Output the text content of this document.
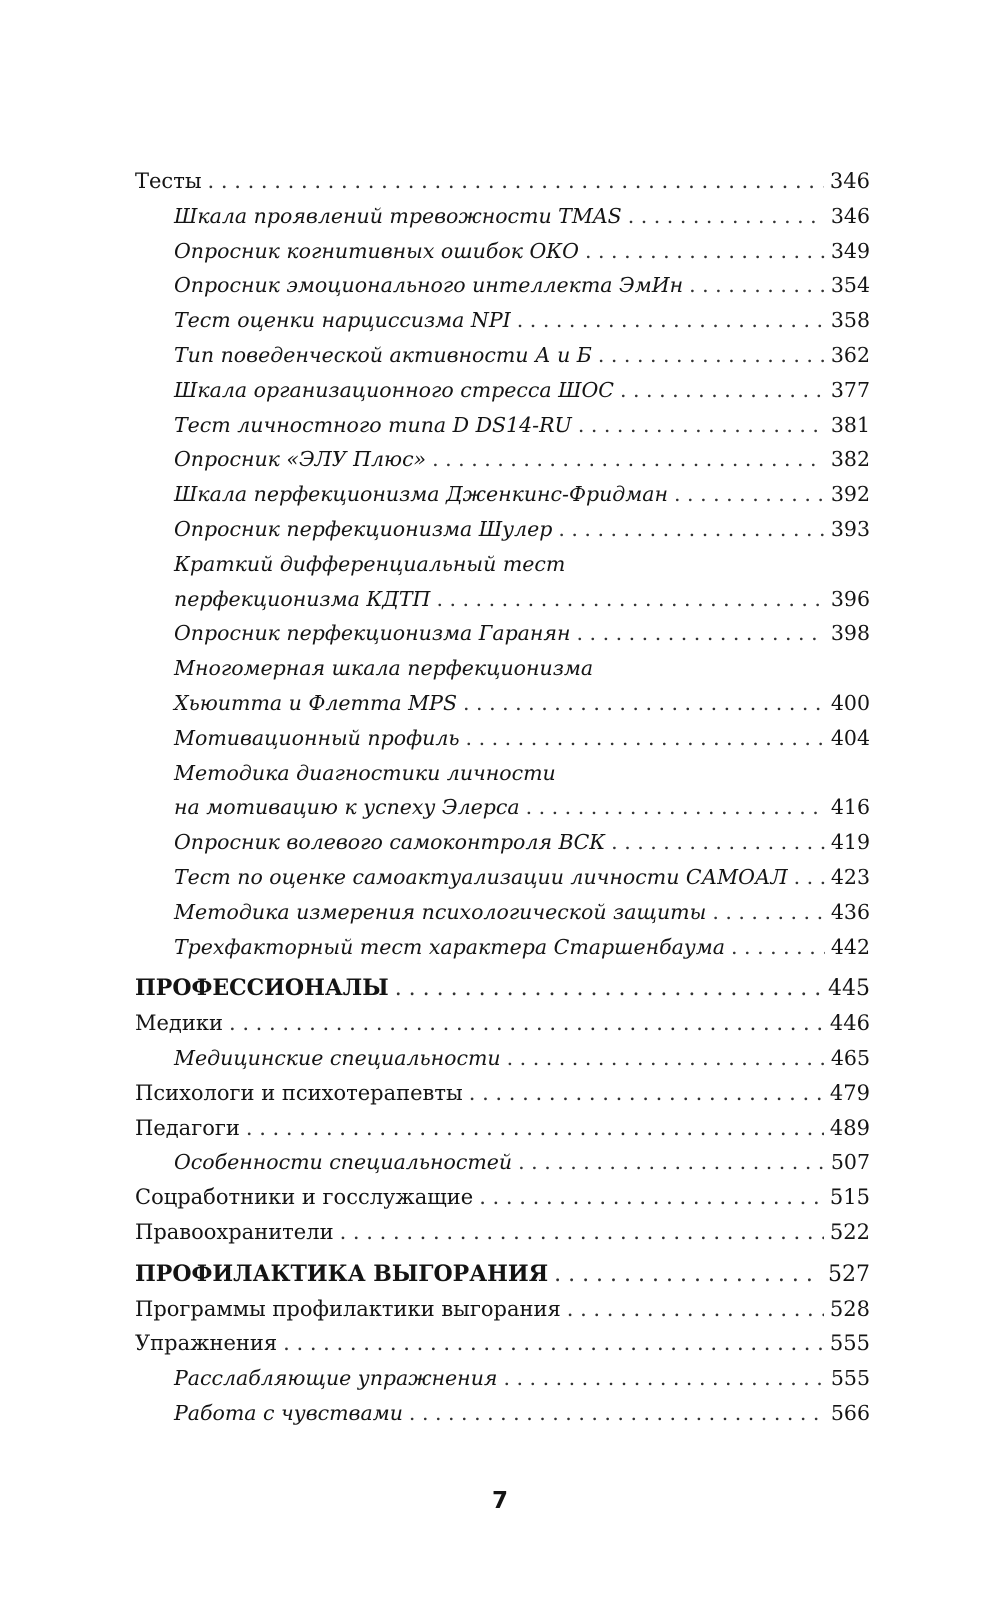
Тесты . . .	346
Шкала проявлений тревожности TMAS . . .	346
Опросник когнитивных ошибок ОКО . . .	349
Опросник эмоционального интеллекта ЭмИн . . .	354
Тест оценки нарциссизма NPI . . .	358
Тип поведенческой активности А и Б . . .	362
Шкала организационного стресса ШОС . . .	377
Тест личностного типа D DS14-RU . . .	381
Опросник «ЭЛУ Плюс» . . .	382
Шкала перфекционизма Дженкинс-Фридман . . .	392
Опросник перфекционизма Шулер . . .	393
Краткий дифференциальный тест
перфекционизма КДТП . . .	396
Опросник перфекционизма Гаранян . . .	398
Многомерная шкала перфекционизма
Хьюитта и Флетта MPS . . .	400
Мотивационный профиль . . .	404
Методика диагностики личности
на мотивацию к успеху Элерса . . .	416
Опросник волевого самоконтроля ВСК . . .	419
Тест по оценке самоактуализации личности САМОАЛ . . . 423
Методика измерения психологической защиты . . .	436
Трехфакторный тест характера Старшенбаума . . .	442
ПРОФЕССИОНАЛЫ . . .	445
Медики . . .	446
Медицинские специальности . . .	465
Психологи и психотерапевты . . .	479
Педагоги . . .	489
Особенности специальностей . . .	507
Соцработники и госслужащие . . .	515
Правоохранители . . .	522
ПРОФИЛАКТИКА ВЫГОРАНИЯ . . .	527
Программы профилактики выгорания . . .	528
Упражнения . . .	555
Расслабляющие упражнения . . .	555
Работа с чувствами . . .	566
7
